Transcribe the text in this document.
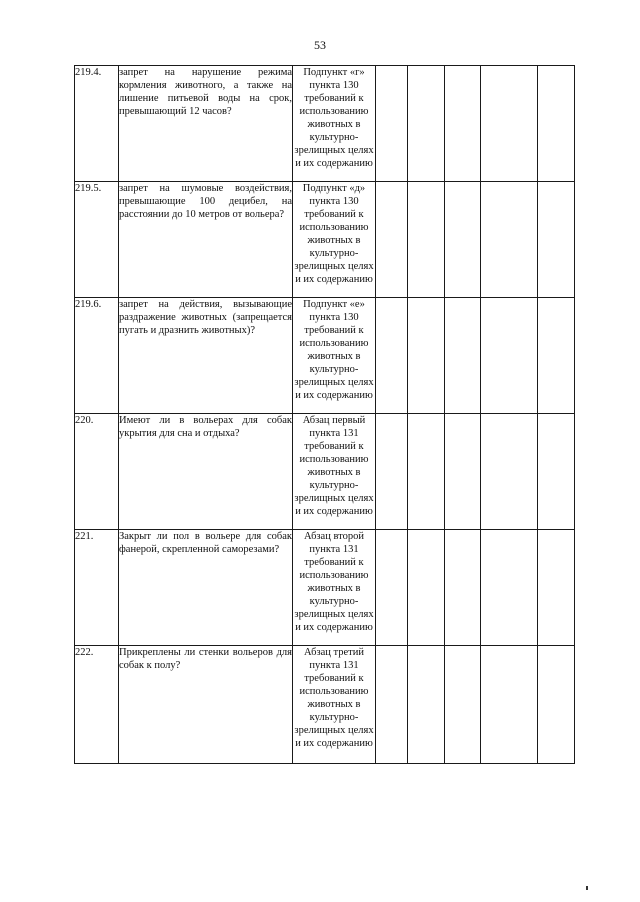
53
219.4.	запрет на нарушение режима кормления животного, а также на лишение питьевой воды на срок, превышающий 12 часов?	Подпункт «г» пункта 130 требований к использованию животных в культурно-зрелищных целях и их содержанию					

219.5.	запрет на шумовые воздействия, превышающие 100 децибел, на расстоянии до 10 метров от вольера?	Подпункт «д» пункта 130 требований к использованию животных в культурно-зрелищных целях и их содержанию					

219.6.	запрет на действия, вызывающие раздражение животных (запрещается пугать и дразнить животных)?	Подпункт «е» пункта 130 требований к использованию животных в культурно-зрелищных целях и их содержанию					

220.	Имеют ли в вольерах для собак укрытия для сна и отдыха?	Абзац первый пункта 131 требований к использованию животных в культурно-зрелищных целях и их содержанию					

221.	Закрыт ли пол в вольере для собак фанерой, скрепленной саморезами?	Абзац второй пункта 131 требований к использованию животных в культурно-зрелищных целях и их содержанию					

222.	Прикреплены ли стенки вольеров для собак к полу?	Абзац третий пункта 131 требований к использованию животных в культурно-зрелищных целях и их содержанию					
